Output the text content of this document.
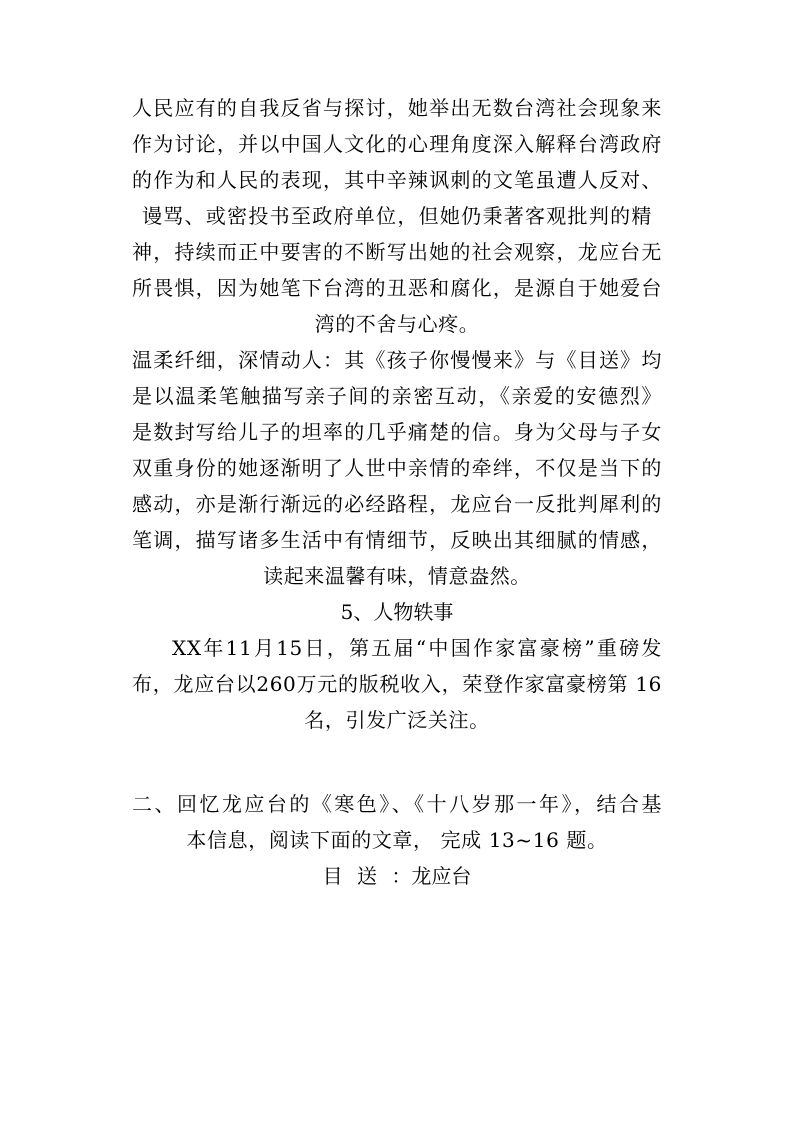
人民应有的自我反省与探讨，她举出无数台湾社会现象来
作为讨论，并以中国人文化的心理角度深入解释台湾政府
的作为和人民的表现，其中辛辣讽刺的文笔虽遭人反对、
谩骂、或密投书至政府单位，但她仍秉著客观批判的精
神，持续而正中要害的不断写出她的社会观察，龙应台无
所畏惧，因为她笔下台湾的丑恶和腐化，是源自于她爱台
湾的不舍与心疼。
温柔纤细，深情动人：其《孩子你慢慢来》与《目送》均
是以温柔笔触描写亲子间的亲密互动，《亲爱的安德烈》
是数封写给儿子的坦率的几乎痛楚的信。身为父母与子女
双重身份的她逐渐明了人世中亲情的牵绊，不仅是当下的
感动，亦是渐行渐远的必经路程，龙应台一反批判犀利的
笔调，描写诸多生活中有情细节，反映出其细腻的情感，
读起来温馨有味，情意盎然。
5、人物轶事
XX年11月15日，第五届“中国作家富豪榜”重磅发
布，龙应台以260万元的版税收入，荣登作家富豪榜第 16
名，引发广泛关注。
二、回忆龙应台的《寒色》、《十八岁那一年》，结合基
本信息，阅读下面的文章， 完成 13~16 题。
目 送 ：龙应台
